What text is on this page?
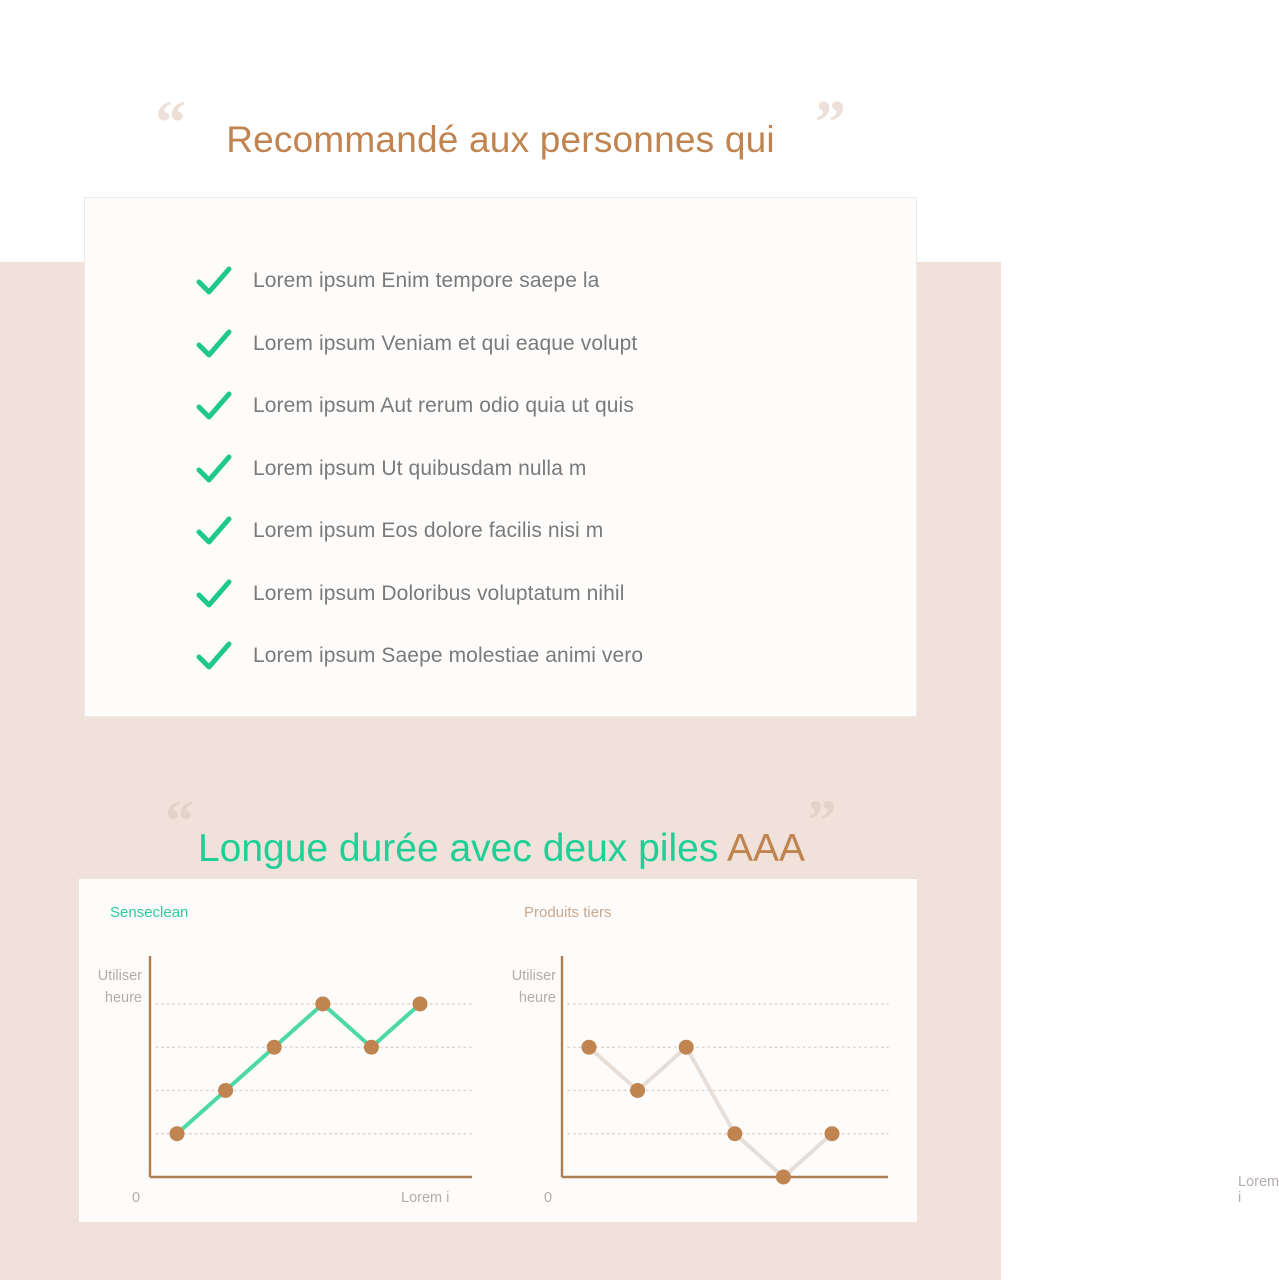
“ Recommandé aux personnes qui ”
Lorem ipsum Enim tempore saepe la
Lorem ipsum Veniam et qui eaque volupt
Lorem ipsum Aut rerum odio quia ut quis
Lorem ipsum Ut quibusdam nulla m
Lorem ipsum Eos dolore facilis nisi m
Lorem ipsum Doloribus voluptatum nihil
Lorem ipsum Saepe molestiae animi vero
“ Longue durée avec deux piles AAA ”
Senseclean
Utiliser heure
0	Lorem i
Produits tiers
Utiliser heure
0
Lorem i
